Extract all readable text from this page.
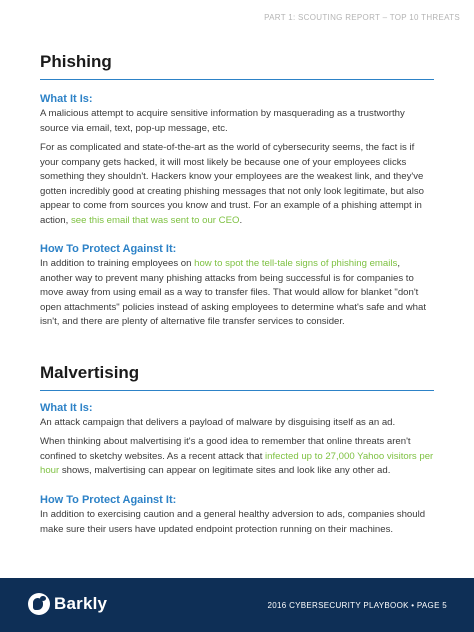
PART 1: SCOUTING REPORT – TOP 10 THREATS
Phishing
What It Is:

A malicious attempt to acquire sensitive information by masquerading as a trustworthy source via email, text, pop-up message, etc.

For as complicated and state-of-the-art as the world of cybersecurity seems, the fact is if your company gets hacked, it will most likely be because one of your employees clicks something they shouldn't. Hackers know your employees are the weakest link, and they've gotten incredibly good at creating phishing messages that not only look legitimate, but also appear to come from sources you know and trust. For an example of a phishing attempt in action, see this email that was sent to our CEO.

How To Protect Against It:

In addition to training employees on how to spot the tell-tale signs of phishing emails, another way to prevent many phishing attacks from being successful is for companies to move away from using email as a way to transfer files. That would allow for blanket "don't open attachments" policies instead of asking employees to determine what's safe and what isn't, and there are plenty of alternative file transfer services to consider.

Malvertising
What It Is:

An attack campaign that delivers a payload of malware by disguising itself as an ad.

When thinking about malvertising it's a good idea to remember that online threats aren't confined to sketchy websites. As a recent attack that infected up to 27,000 Yahoo visitors per hour shows, malvertising can appear on legitimate sites and look like any other ad.

How To Protect Against It:

In addition to exercising caution and a general healthy adversion to ads, companies should make sure their users have updated endpoint protection running on their machines.

Barkly	2016 CYBERSECURITY PLAYBOOK • PAGE 5
